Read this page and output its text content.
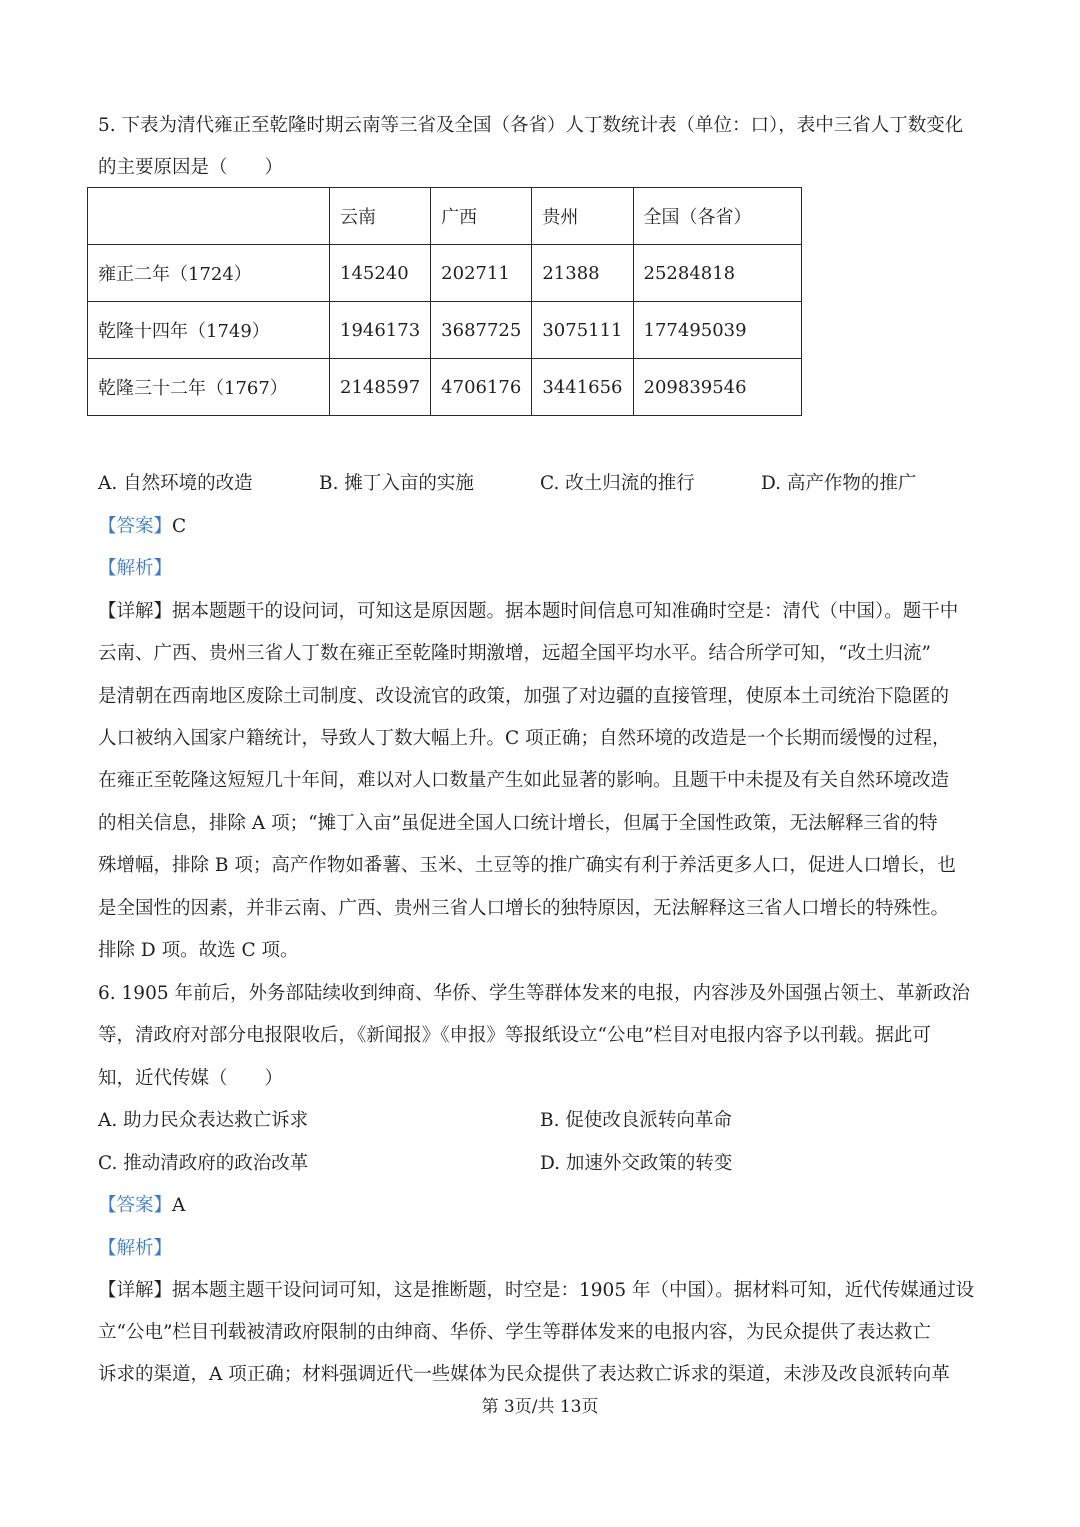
5. 下表为清代雍正至乾隆时期云南等三省及全国（各省）人丁数统计表（单位：口），表中三省人丁数变化
的主要原因是（　　）
	云南	广西	贵州	全国（各省）
雍正二年（1724）	145240	202711	21388	25284818
乾隆十四年（1749）	1946173	3687725	3075111	177495039
乾隆三十二年（1767）	2148597	4706176	3441656	209839546
A. 自然环境的改造	B. 摊丁入亩的实施	C. 改土归流的推行	D. 高产作物的推广
【答案】C
【解析】
【详解】据本题题干的设问词，可知这是原因题。据本题时间信息可知准确时空是：清代（中国）。题干中
云南、广西、贵州三省人丁数在雍正至乾隆时期激增，远超全国平均水平。结合所学可知，“改土归流”
是清朝在西南地区废除土司制度、改设流官的政策，加强了对边疆的直接管理，使原本土司统治下隐匿的
人口被纳入国家户籍统计，导致人丁数大幅上升。C 项正确；自然环境的改造是一个长期而缓慢的过程，
在雍正至乾隆这短短几十年间，难以对人口数量产生如此显著的影响。且题干中未提及有关自然环境改造
的相关信息，排除 A 项；“摊丁入亩”虽促进全国人口统计增长，但属于全国性政策，无法解释三省的特
殊增幅，排除 B 项；高产作物如番薯、玉米、土豆等的推广确实有利于养活更多人口，促进人口增长，也
是全国性的因素，并非云南、广西、贵州三省人口增长的独特原因，无法解释这三省人口增长的特殊性。
排除 D 项。故选 C 项。
6. 1905 年前后，外务部陆续收到绅商、华侨、学生等群体发来的电报，内容涉及外国强占领土、革新政治
等，清政府对部分电报限收后，《新闻报》《申报》等报纸设立“公电”栏目对电报内容予以刊载。据此可
知，近代传媒（　　）
A. 助力民众表达救亡诉求	B. 促使改良派转向革命
C. 推动清政府的政治改革	D. 加速外交政策的转变
【答案】A
【解析】
【详解】据本题主题干设问词可知，这是推断题，时空是：1905 年（中国）。据材料可知，近代传媒通过设
立“公电”栏目刊载被清政府限制的由绅商、华侨、学生等群体发来的电报内容，为民众提供了表达救亡
诉求的渠道，A 项正确；材料强调近代一些媒体为民众提供了表达救亡诉求的渠道，未涉及改良派转向革
第 3页/共 13页
